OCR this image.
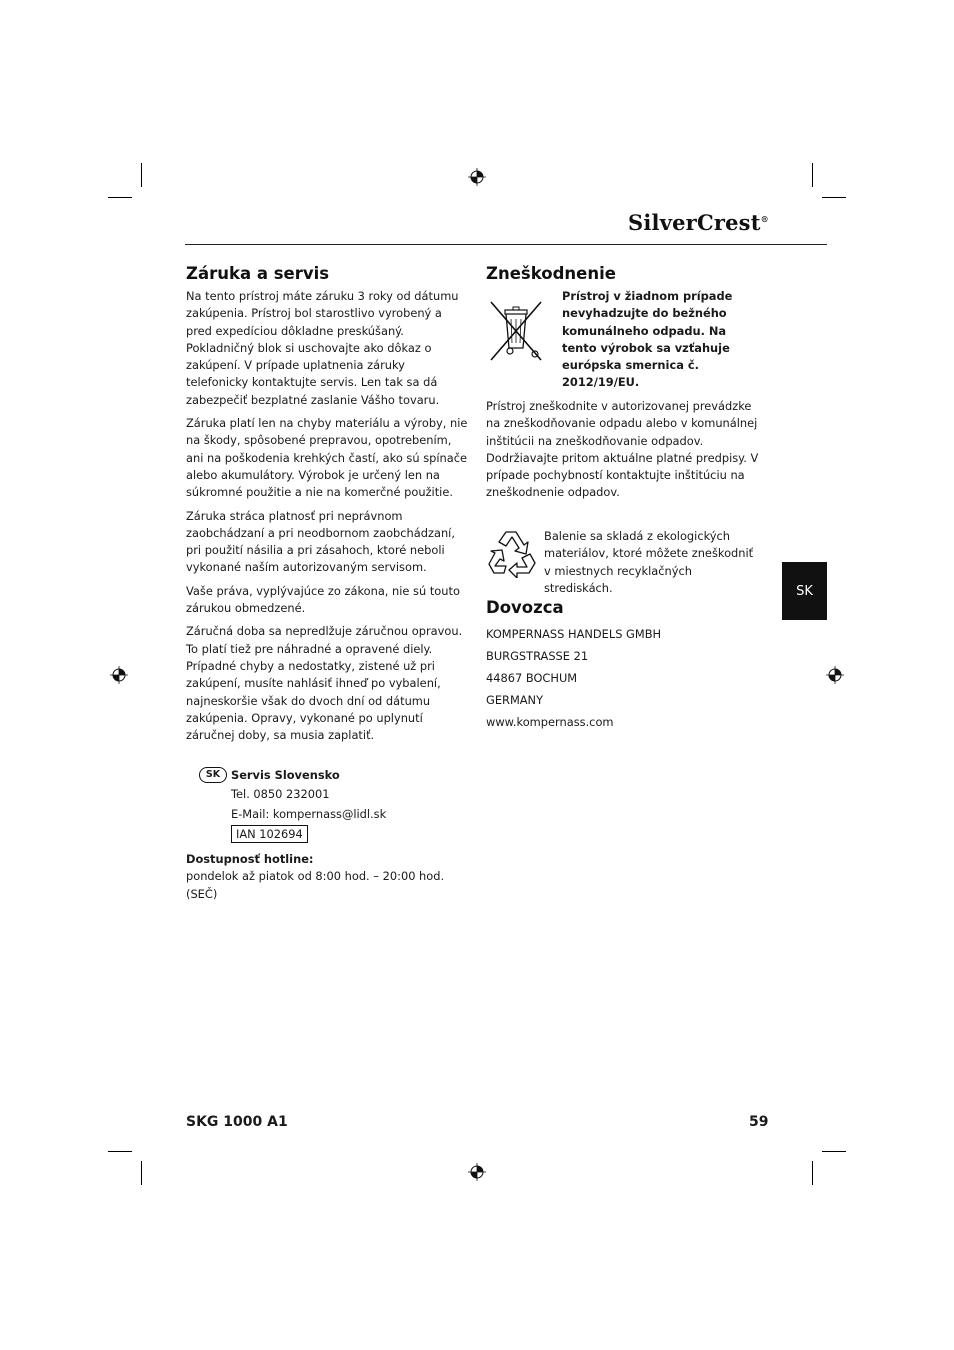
SilverCrest®
Záruka a servis

Na tento prístroj máte záruku 3 roky od dátumu zakúpenia. Prístroj bol starostlivo vyrobený a pred expedíciou dôkladne preskúšaný. Pokladničný blok si uschovajte ako dôkaz o zakúpení. V prípade uplatnenia záruky telefonicky kontaktujte servis. Len tak sa dá zabezpečiť bezplatné zaslanie Vášho tovaru.

Záruka platí len na chyby materiálu a výroby, nie na škody, spôsobené prepravou, opotrebením, ani na poškodenia krehkých častí, ako sú spínače alebo akumulátory. Výrobok je určený len na súkromné použitie a nie na komerčné použitie.

Záruka stráca platnosť pri neprávnom zaobchádzaní a pri neodbornom zaobchádzaní, pri použití násilia a pri zásahoch, ktoré neboli vykonané naším autorizovaným servisom.

Vaše práva, vyplývajúce zo zákona, nie sú touto zárukou obmedzené.

Záručná doba sa nepredlžuje záručnou opravou. To platí tiež pre náhradné a opravené diely. Prípadné chyby a nedostatky, zistené už pri zakúpení, musíte nahlásiť ihneď po vybalení, najneskoršie však do dvoch dní od dátumu zakúpenia. Opravy, vykonané po uplynutí záručnej doby, sa musia zaplatiť.

SK Servis Slovensko
Tel. 0850 232001
E-Mail: kompernass@lidl.sk
IAN 102694
Dostupnosť hotline:
pondelok až piatok od 8:00 hod. – 20:00 hod. (SEČ)
Zneškodnenie
Prístroj v žiadnom prípade nevyhadzujte do bežného komunálneho odpadu. Na tento výrobok sa vzťahuje európska smernica č. 2012/19/EU.
Prístroj zneškodnite v autorizovanej prevádzke na zneškodňovanie odpadu alebo v komunálnej inštitúcii na zneškodňovanie odpadov. Dodržiavajte pritom aktuálne platné predpisy. V prípade pochybností kontaktujte inštitúciu na zneškodnenie odpadov.
Balenie sa skladá z ekologických materiálov, ktoré môžete zneškodniť v miestnych recyklačných strediskách.
Dovozca
KOMPERNASS HANDELS GMBH
BURGSTRASSE 21
44867 BOCHUM
GERMANY
www.kompernass.com
SK
SKG 1000 A1	59
